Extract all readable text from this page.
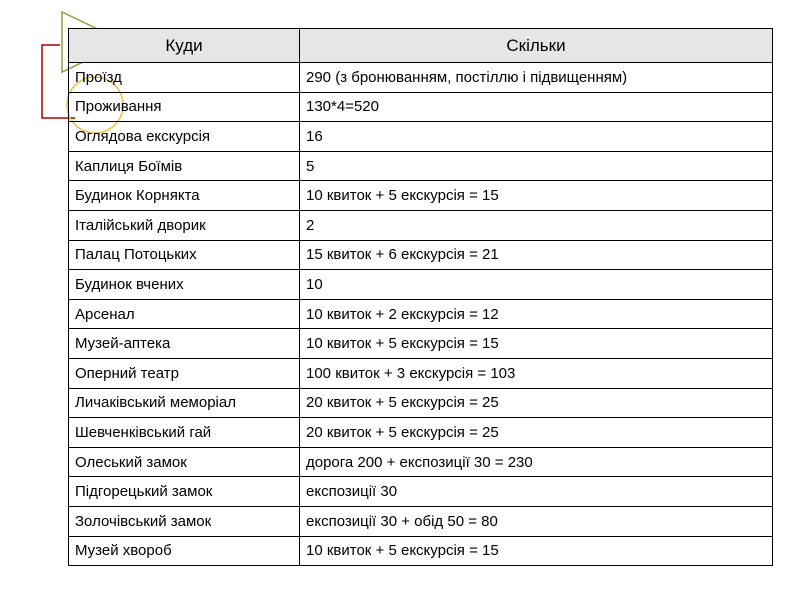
Куди	Скільки
Проїзд	290 (з бронюванням, постіллю і підвищенням)
Проживання	130*4=520
Оглядова екскурсія	16
Каплиця Боїмів	5
Будинок Корнякта	10 квиток + 5 екскурсія = 15
Італійський дворик	2
Палац Потоцьких	15 квиток + 6 екскурсія = 21
Будинок вчених	10
Арсенал	10 квиток + 2 екскурсія = 12
Музей-аптека	10 квиток + 5 екскурсія = 15
Оперний театр	100 квиток + 3 екскурсія = 103
Личаківський меморіал	20 квиток + 5 екскурсія = 25
Шевченківський гай	20 квиток + 5 екскурсія = 25
Олеський замок	дорога 200 + експозиції 30 = 230
Підгорецький замок	експозиції 30
Золочівський замок	експозиції 30 + обід 50 = 80
Музей хвороб	10 квиток + 5 екскурсія = 15
